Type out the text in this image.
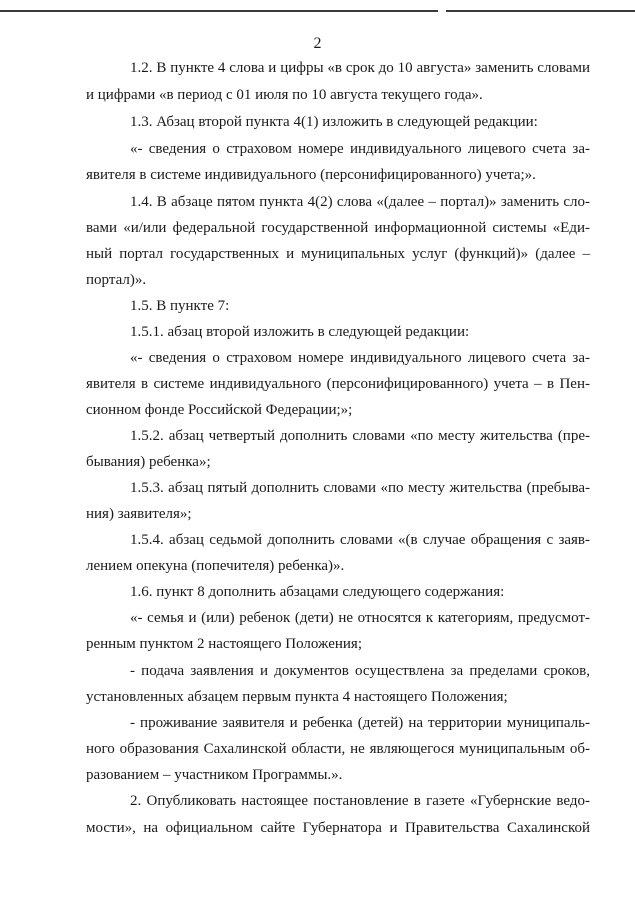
2
1.2. В пункте 4 слова и цифры «в срок до 10 августа» заменить словами
и цифрами «в период с 01 июля по 10 августа текущего года».
1.3. Абзац второй пункта 4(1) изложить в следующей редакции:
«- сведения о страховом номере индивидуального лицевого счета за-
явителя в системе индивидуального (персонифицированного) учета;».
1.4. В абзаце пятом пункта 4(2) слова «(далее – портал)» заменить сло-
вами «и/или федеральной государственной информационной системы «Еди-
ный портал государственных и муниципальных услуг (функций)» (далее –
портал)».
1.5. В пункте 7:
1.5.1. абзац второй изложить в следующей редакции:
«- сведения о страховом номере индивидуального лицевого счета за-
явителя в системе индивидуального (персонифицированного) учета – в Пен-
сионном фонде Российской Федерации;»;
1.5.2. абзац четвертый дополнить словами «по месту жительства (пре-
бывания) ребенка»;
1.5.3. абзац пятый дополнить словами «по месту жительства (пребыва-
ния) заявителя»;
1.5.4. абзац седьмой дополнить словами «(в случае обращения с заяв-
лением опекуна (попечителя) ребенка)».
1.6. пункт 8 дополнить абзацами следующего содержания:
«- семья и (или) ребенок (дети) не относятся к категориям, предусмот-
ренным пунктом 2 настоящего Положения;
- подача заявления и документов осуществлена за пределами сроков,
установленных абзацем первым пункта 4 настоящего Положения;
- проживание заявителя и ребенка (детей) на территории муниципаль-
ного образования Сахалинской области, не являющегося муниципальным об-
разованием – участником Программы.».
2. Опубликовать настоящее постановление в газете «Губернские ведо-
мости», на официальном сайте Губернатора и Правительства Сахалинской
